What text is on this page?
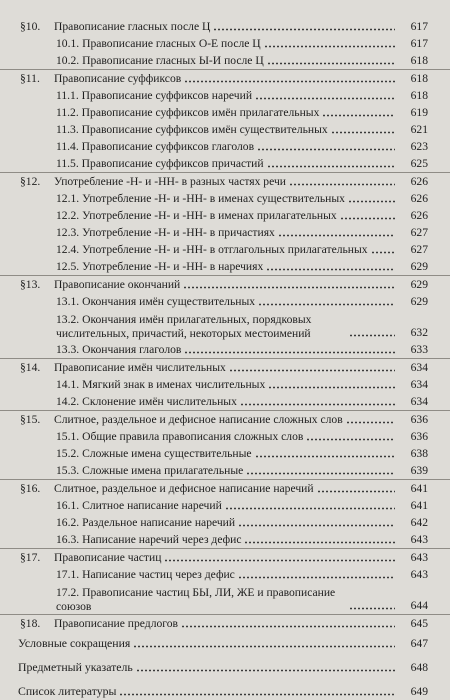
§10. Правописание гласных после Ц	617
10.1. Правописание гласных О-Е после Ц	617
10.2. Правописание гласных Ы-И после Ц	618
§11. Правописание суффиксов	618
11.1. Правописание суффиксов наречий	618
11.2. Правописание суффиксов имён прилагательных	619
11.3. Правописание суффиксов имён существительных	621
11.4. Правописание суффиксов глаголов	623
11.5. Правописание суффиксов причастий	625
§12. Употребление -Н- и -НН- в разных частях речи	626
12.1. Употребление -Н- и -НН- в именах существительных	626
12.2. Употребление -Н- и -НН- в именах прилагательных	626
12.3. Употребление -Н- и -НН- в причастиях	627
12.4. Употребление -Н- и -НН- в отглагольных прилагательных	627
12.5. Употребление -Н- и -НН- в наречиях	629
§13. Правописание окончаний	629
13.1. Окончания имён существительных	629
13.2. Окончания имён прилагательных, порядковых числительных, причастий, некоторых местоимений	632
13.3. Окончания глаголов	633
§14. Правописание имён числительных	634
14.1. Мягкий знак в именах числительных	634
14.2. Склонение имён числительных	634
§15. Слитное, раздельное и дефисное написание сложных слов	636
15.1. Общие правила правописания сложных слов	636
15.2. Сложные имена существительные	638
15.3. Сложные имена прилагательные	639
§16. Слитное, раздельное и дефисное написание наречий	641
16.1. Слитное написание наречий	641
16.2. Раздельное написание наречий	642
16.3. Написание наречий через дефис	643
§17. Правописание частиц	643
17.1. Написание частиц через дефис	643
17.2. Правописание частиц БЫ, ЛИ, ЖЕ и правописание союзов	644
§18. Правописание предлогов	645
Условные сокращения	647
Предметный указатель	648
Список литературы	649
